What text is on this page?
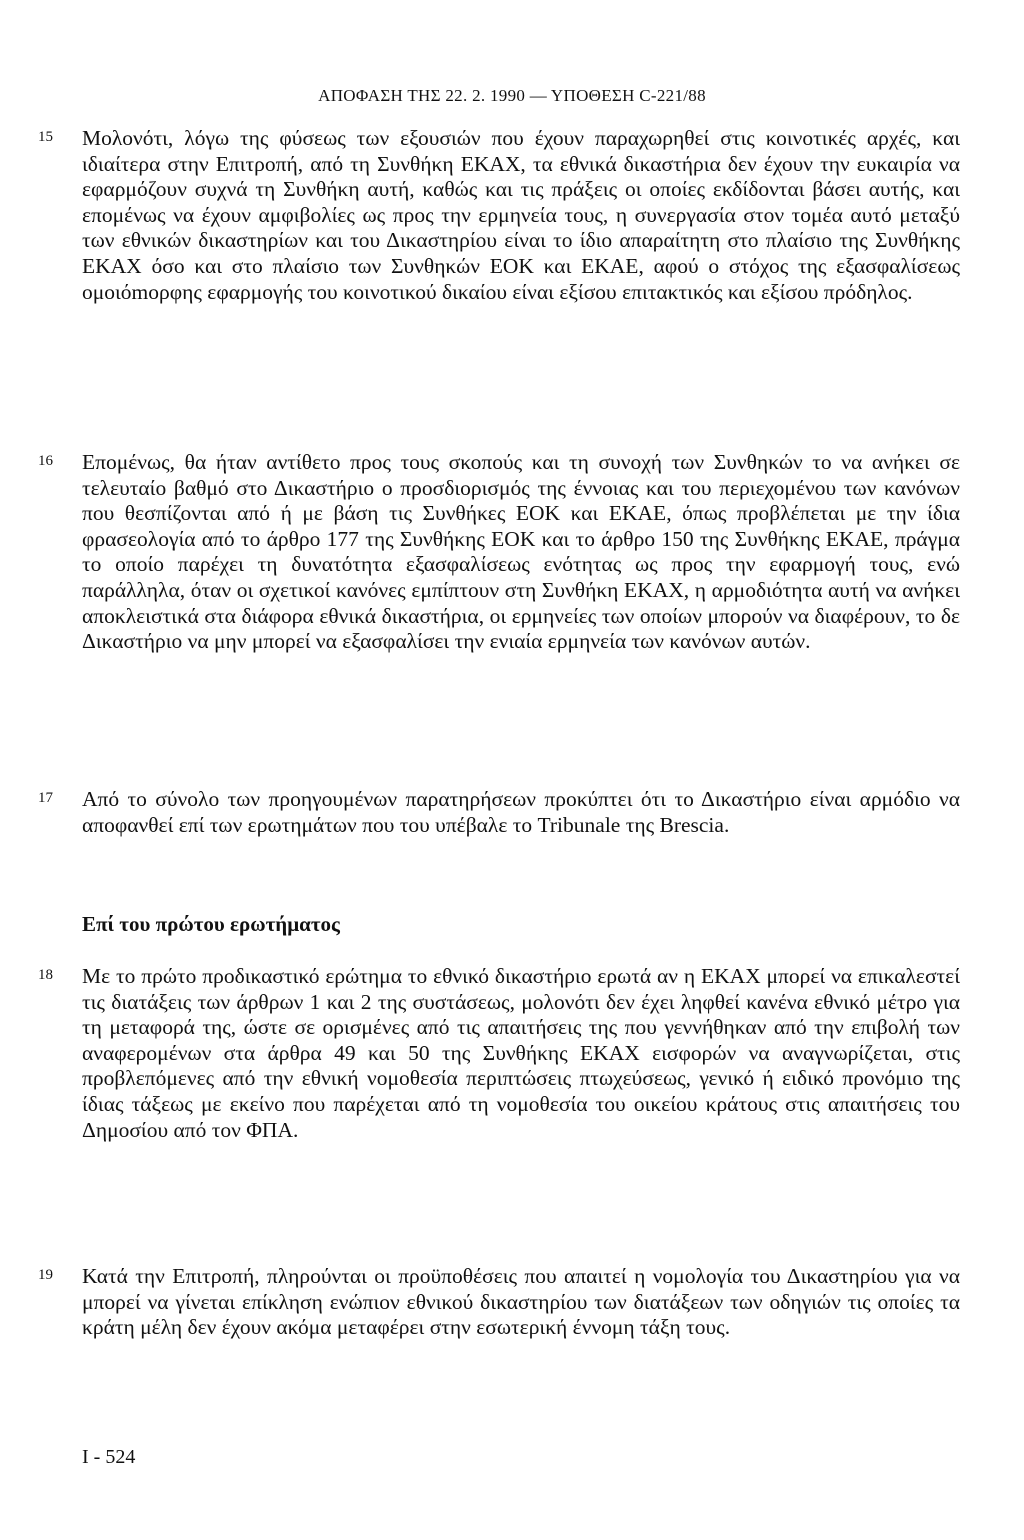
ΑΠΟΦΑΣΗ ΤΗΣ 22. 2. 1990 — ΥΠΟΘΕΣΗ C-221/88
15 Μολονότι, λόγω της φύσεως των εξουσιών που έχουν παραχωρηθεί στις κοινοτικές αρχές, και ιδιαίτερα στην Επιτροπή, από τη Συνθήκη ΕΚΑΧ, τα εθνικά δικαστήρια δεν έχουν την ευκαιρία να εφαρμόζουν συχνά τη Συνθήκη αυτή, καθώς και τις πράξεις οι οποίες εκδίδονται βάσει αυτής, και επομένως να έχουν αμφιβολίες ως προς την ερμηνεία τους, η συνεργασία στον τομέα αυτό μεταξύ των εθνικών δικαστηρίων και του Δικαστηρίου είναι το ίδιο απαραίτητη στο πλαίσιο της Συνθήκης ΕΚΑΧ όσο και στο πλαίσιο των Συνθηκών ΕΟΚ και ΕΚΑΕ, αφού ο στόχος της εξασφαλίσεως ομοιόmορφης εφαρμογής του κοινοτικού δικαίου είναι εξίσου επιτακτικός και εξίσου πρόδηλος.
16 Επομένως, θα ήταν αντίθετο προς τους σκοπούς και τη συνοχή των Συνθηκών το να ανήκει σε τελευταίο βαθμό στο Δικαστήριο ο προσδιορισμός της έννοιας και του περιεχομένου των κανόνων που θεσπίζονται από ή με βάση τις Συνθήκες ΕΟΚ και ΕΚΑΕ, όπως προβλέπεται με την ίδια φρασεολογία από το άρθρο 177 της Συνθήκης ΕΟΚ και το άρθρο 150 της Συνθήκης ΕΚΑΕ, πράγμα το οποίο παρέχει τη δυνατότητα εξασφαλίσεως ενότητας ως προς την εφαρμογή τους, ενώ παράλληλα, όταν οι σχετικοί κανόνες εμπίπτουν στη Συνθήκη ΕΚΑΧ, η αρμοδιότητα αυτή να ανήκει αποκλειστικά στα διάφορα εθνικά δικαστήρια, οι ερμηνείες των οποίων μπορούν να διαφέρουν, το δε Δικαστήριο να μην μπορεί να εξασφαλίσει την ενιαία ερμηνεία των κανόνων αυτών.
17 Από το σύνολο των προηγουμένων παρατηρήσεων προκύπτει ότι το Δικαστήριο είναι αρμόδιο να αποφανθεί επί των ερωτημάτων που του υπέβαλε το Tribunale της Brescia.
Επί του πρώτου ερωτήματος
18 Με το πρώτο προδικαστικό ερώτημα το εθνικό δικαστήριο ερωτά αν η ΕΚΑΧ μπορεί να επικαλεστεί τις διατάξεις των άρθρων 1 και 2 της συστάσεως, μολονότι δεν έχει ληφθεί κανένα εθνικό μέτρο για τη μεταφορά της, ώστε σε ορισμένες από τις απαιτήσεις της που γεννήθηκαν από την επιβολή των αναφερομένων στα άρθρα 49 και 50 της Συνθήκης ΕΚΑΧ εισφορών να αναγνωρίζεται, στις προβλεπόμενες από την εθνική νομοθεσία περιπτώσεις πτωχεύσεως, γενικό ή ειδικό προνόμιο της ίδιας τάξεως με εκείνο που παρέχεται από τη νομοθεσία του οικείου κράτους στις απαιτήσεις του Δημοσίου από τον ΦΠΑ.
19 Κατά την Επιτροπή, πληρούνται οι προϋποθέσεις που απαιτεί η νομολογία του Δικαστηρίου για να μπορεί να γίνεται επίκληση ενώπιον εθνικού δικαστηρίου των διατάξεων των οδηγιών τις οποίες τα κράτη μέλη δεν έχουν ακόμα μεταφέρει στην εσωτερική έννομη τάξη τους.
I - 524
